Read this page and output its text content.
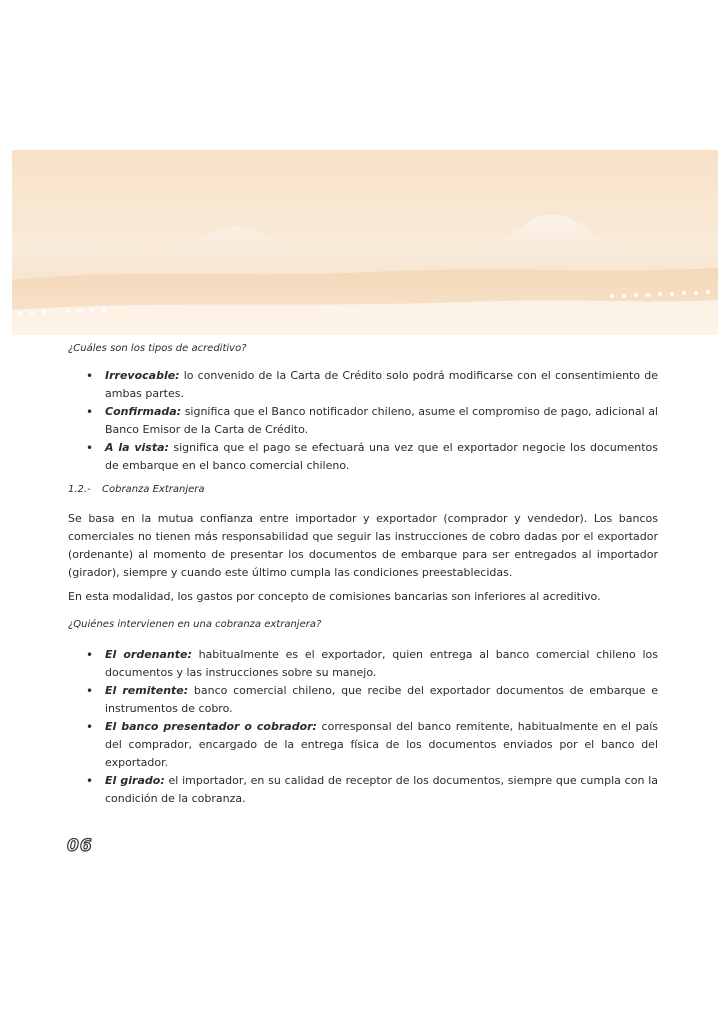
¿Cuáles son los tipos de acreditivo?

• Irrevocable: lo convenido de la Carta de Crédito solo podrá modificarse con el consentimiento de ambas partes.
• Confirmada: significa que el Banco notificador chileno, asume el compromiso de pago, adicional al Banco Emisor de la Carta de Crédito.
• A la vista: significa que el pago se efectuará una vez que el exportador negocie los documentos de embarque en el banco comercial chileno.
1.2.- Cobranza Extranjera

Se basa en la mutua confianza entre importador y exportador (comprador y vendedor). Los bancos comerciales no tienen más responsabilidad que seguir las instrucciones de cobro dadas por el exportador (ordenante) al momento de presentar los documentos de embarque para ser entregados al importador (girador), siempre y cuando este último cumpla las condiciones preestablecidas.

En esta modalidad, los gastos por concepto de comisiones bancarias son inferiores al acreditivo.

¿Quiénes intervienen en una cobranza extranjera?

• El ordenante: habitualmente es el exportador, quien entrega al banco comercial chileno los documentos y las instrucciones sobre su manejo.
• El remitente: banco comercial chileno, que recibe del exportador documentos de embarque e instrumentos de cobro.
• El banco presentador o cobrador: corresponsal del banco remitente, habitualmente en el país del comprador, encargado de la entrega física de los documentos enviados por el banco del exportador.
• El girado: el importador, en su calidad de receptor de los documentos, siempre que cumpla con la condición de la cobranza.
06
